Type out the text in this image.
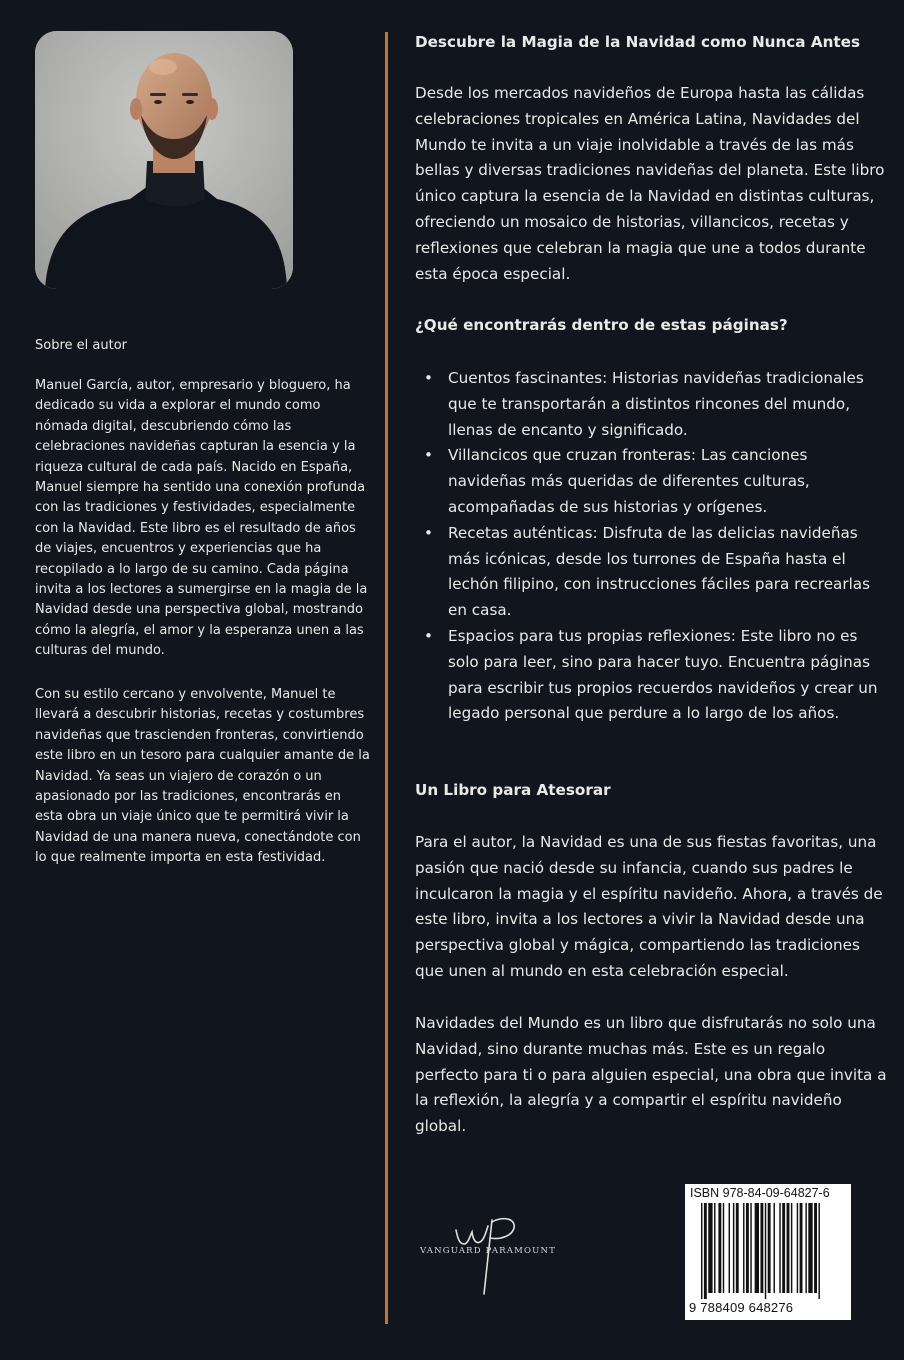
Sobre el autor

Manuel García, autor, empresario y bloguero, ha dedicado su vida a explorar el mundo como nómada digital, descubriendo cómo las celebraciones navideñas capturan la esencia y la riqueza cultural de cada país. Nacido en España, Manuel siempre ha sentido una conexión profunda con las tradiciones y festividades, especialmente con la Navidad. Este libro es el resultado de años de viajes, encuentros y experiencias que ha recopilado a lo largo de su camino. Cada página invita a los lectores a sumergirse en la magia de la Navidad desde una perspectiva global, mostrando cómo la alegría, el amor y la esperanza unen a las culturas del mundo.

Con su estilo cercano y envolvente, Manuel te llevará a descubrir historias, recetas y costumbres navideñas que trascienden fronteras, convirtiendo este libro en un tesoro para cualquier amante de la Navidad. Ya seas un viajero de corazón o un apasionado por las tradiciones, encontrarás en esta obra un viaje único que te permitirá vivir la Navidad de una manera nueva, conectándote con lo que realmente importa en esta festividad.

Descubre la Magia de la Navidad como Nunca Antes

Desde los mercados navideños de Europa hasta las cálidas celebraciones tropicales en América Latina, Navidades del Mundo te invita a un viaje inolvidable a través de las más bellas y diversas tradiciones navideñas del planeta. Este libro único captura la esencia de la Navidad en distintas culturas, ofreciendo un mosaico de historias, villancicos, recetas y reflexiones que celebran la magia que une a todos durante esta época especial.

¿Qué encontrarás dentro de estas páginas?

• Cuentos fascinantes: Historias navideñas tradicionales que te transportarán a distintos rincones del mundo, llenas de encanto y significado.
• Villancicos que cruzan fronteras: Las canciones navideñas más queridas de diferentes culturas, acompañadas de sus historias y orígenes.
• Recetas auténticas: Disfruta de las delicias navideñas más icónicas, desde los turrones de España hasta el lechón filipino, con instrucciones fáciles para recrearlas en casa.
• Espacios para tus propias reflexiones: Este libro no es solo para leer, sino para hacer tuyo. Encuentra páginas para escribir tus propios recuerdos navideños y crear un legado personal que perdure a lo largo de los años.

Un Libro para Atesorar

Para el autor, la Navidad es una de sus fiestas favoritas, una pasión que nació desde su infancia, cuando sus padres le inculcaron la magia y el espíritu navideño. Ahora, a través de este libro, invita a los lectores a vivir la Navidad desde una perspectiva global y mágica, compartiendo las tradiciones que unen al mundo en esta celebración especial.

Navidades del Mundo es un libro que disfrutarás no solo una Navidad, sino durante muchas más. Este es un regalo perfecto para ti o para alguien especial, una obra que invita a la reflexión, la alegría y a compartir el espíritu navideño global.

VANGUARD PARAMOUNT
ISBN 978-84-09-64827-6
9 788409 648276
